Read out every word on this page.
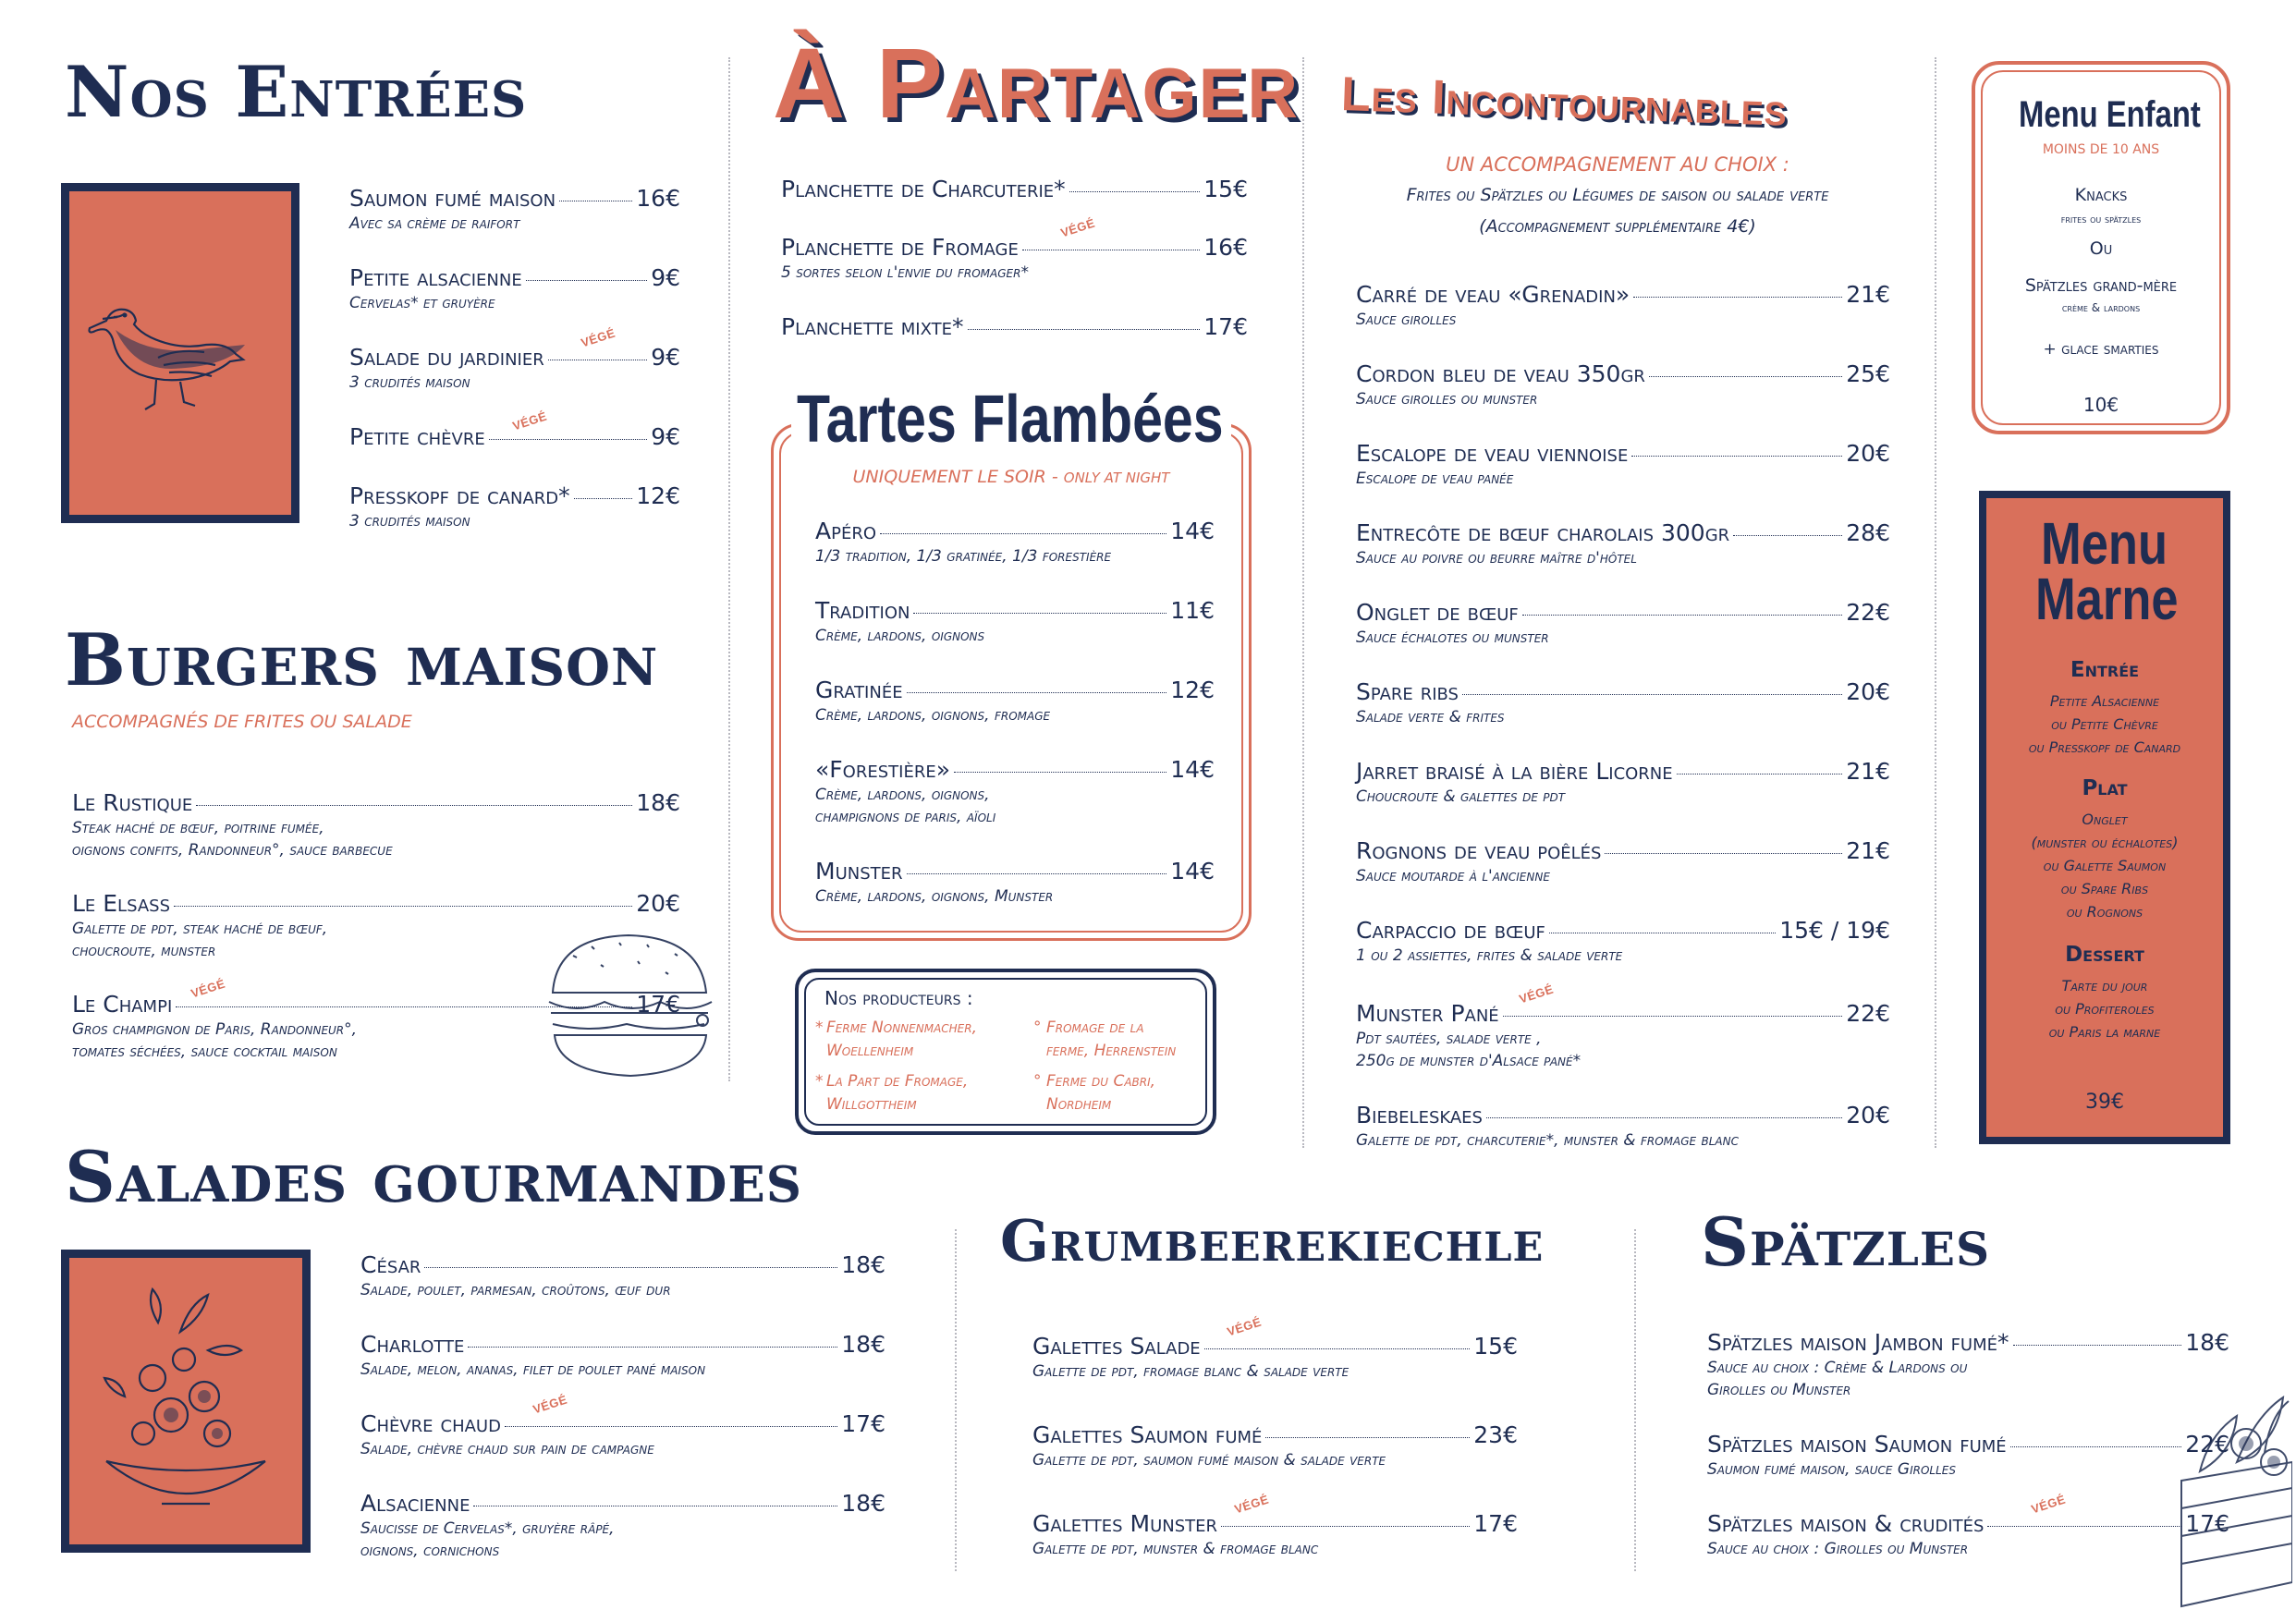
Nos Entrées
Saumon fumé maison	16€
Avec sa crème de raifort
Petite alsacienne	9€
Cervelas* et gruyère
Salade du jardinier	9€
3 crudités maison
VÉGÉ
Petite chèvre	9€
VÉGÉ
Presskopf de canard*	12€
3 crudités maison
Burgers maison
ACCOMPAGNÉS DE FRITES OU SALADE
Le Rustique	18€
Steak haché de bœuf, poitrine fumée,
oignons confits, Randonneur°, sauce barbecue
Le Elsass	20€
Galette de pdt, steak haché de bœuf,
choucroute, munster
Le Champi	17€
Gros champignon de Paris, Randonneur°,
tomates séchées, sauce cocktail maison
VÉGÉ
À Partager
Planchette de Charcuterie*	15€
Planchette de Fromage	16€
5 sortes selon l'envie du fromager*
VÉGÉ
Planchette mixte*	17€
Tartes Flambées
UNIQUEMENT LE SOIR - ONLY AT NIGHT
Apéro	14€
1/3 tradition, 1/3 gratinée, 1/3 forestière
Tradition	11€
Crème, lardons, oignons
Gratinée	12€
Crème, lardons, oignons, fromage
«Forestière»	14€
Crème, lardons, oignons,
champignons de paris, aïoli
Munster	14€
Crème, lardons, oignons, Munster
Nos producteurs :
* Ferme Nonnenmacher,
Woellenheim
* La Part de Fromage,
Willgottheim
° Fromage de la
ferme, Herrenstein
° Ferme du Cabri,
Nordheim
Les Incontournables
UN ACCOMPAGNEMENT AU CHOIX :
Frites ou Spätzles ou Légumes de saison ou salade verte
(Accompagnement supplémentaire 4€)
Carré de veau «Grenadin»	21€
Sauce girolles
Cordon bleu de veau 350gr	25€
Sauce girolles ou munster
Escalope de veau viennoise	20€
Escalope de veau panée
Entrecôte de bœuf charolais 300gr	28€
Sauce au poivre ou beurre maître d'hôtel
Onglet de bœuf	22€
Sauce échalotes ou munster
Spare ribs	20€
Salade verte & frites
Jarret braisé à la bière Licorne	21€
Choucroute & galettes de pdt
Rognons de veau poêlés	21€
Sauce moutarde à l'ancienne
Carpaccio de bœuf	15€ / 19€
1 ou 2 assiettes, frites & salade verte
Munster Pané	22€
Pdt sautées, salade verte ,
250g de munster d'Alsace pané*
VÉGÉ
Biebeleskaes	20€
Galette de pdt, charcuterie*, munster & fromage blanc
Menu Enfant
MOINS DE 10 ANS
Knacks
frites ou spätzles
Ou
Spätzles grand-mère
crème & lardons
+ glace smarties
10€
Menu
Marne
Entrée
Petite Alsacienne
ou Petite Chèvre
ou Presskopf de Canard
Plat
Onglet
(munster ou échalotes)
ou Galette Saumon
ou Spare Ribs
ou Rognons
Dessert
Tarte du jour
ou Profiteroles
ou Paris la marne
39€
Salades gourmandes
César	18€
Salade, poulet, parmesan, croûtons, œuf dur
Charlotte	18€
Salade, melon, ananas, filet de poulet pané maison
Chèvre chaud	17€
Salade, chèvre chaud sur pain de campagne
VÉGÉ
Alsacienne	18€
Saucisse de Cervelas*, gruyère râpé,
oignons, cornichons
Grumbeerekiechle
Galettes Salade	15€
Galette de pdt, fromage blanc & salade verte
VÉGÉ
Galettes Saumon fumé	23€
Galette de pdt, saumon fumé maison & salade verte
Galettes Munster	17€
Galette de pdt, munster & fromage blanc
VÉGÉ
Spätzles
Spätzles maison Jambon fumé*	18€
Sauce au choix : Crème & Lardons ou
Girolles ou Munster
Spätzles maison Saumon fumé	22€
Saumon fumé maison, sauce Girolles
Spätzles maison & crudités	17€
Sauce au choix : Girolles ou Munster
VÉGÉ
